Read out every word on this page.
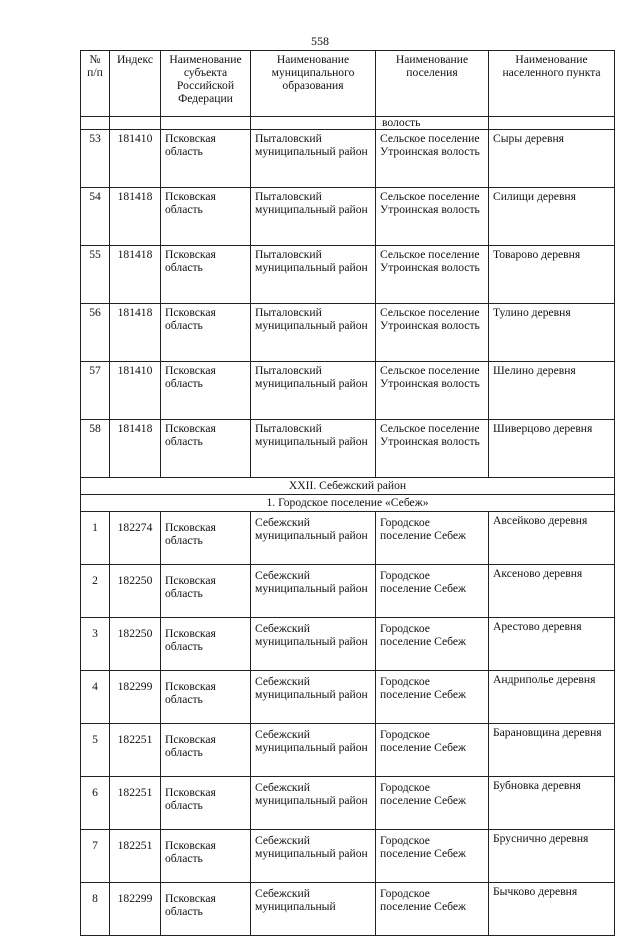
558
№ п/п	Индекс	Наименование субъекта Российской Федерации	Наименование муниципального образования	Наименование поселения	Наименование населенного пункта
				волость	
53	181410	Псковская область	Пыталовский муниципальный район	Сельское поселение Утроинская волость	Сыры деревня
54	181418	Псковская область	Пыталовский муниципальный район	Сельское поселение Утроинская волость	Силищи деревня
55	181418	Псковская область	Пыталовский муниципальный район	Сельское поселение Утроинская волость	Товарово деревня
56	181418	Псковская область	Пыталовский муниципальный район	Сельское поселение Утроинская волость	Тулино деревня
57	181410	Псковская область	Пыталовский муниципальный район	Сельское поселение Утроинская волость	Шелино деревня
58	181418	Псковская область	Пыталовский муниципальный район	Сельское поселение Утроинская волость	Шиверцово деревня
XXII. Себежский район					
1. Городское поселение «Себеж»					
1	182274	Псковская область	Себежский муниципальный район	Городское поселение Себеж	Авсейково деревня
2	182250	Псковская область	Себежский муниципальный район	Городское поселение Себеж	Аксеново деревня
3	182250	Псковская область	Себежский муниципальный район	Городское поселение Себеж	Арестово деревня
4	182299	Псковская область	Себежский муниципальный район	Городское поселение Себеж	Андриполье деревня
5	182251	Псковская область	Себежский муниципальный район	Городское поселение Себеж	Барановщина деревня
6	182251	Псковская область	Себежский муниципальный район	Городское поселение Себеж	Бубновка деревня
7	182251	Псковская область	Себежский муниципальный район	Городское поселение Себеж	Бруснично деревня
8	182299	Псковская область	Себежский муниципальный	Городское поселение Себеж	Бычково деревня
